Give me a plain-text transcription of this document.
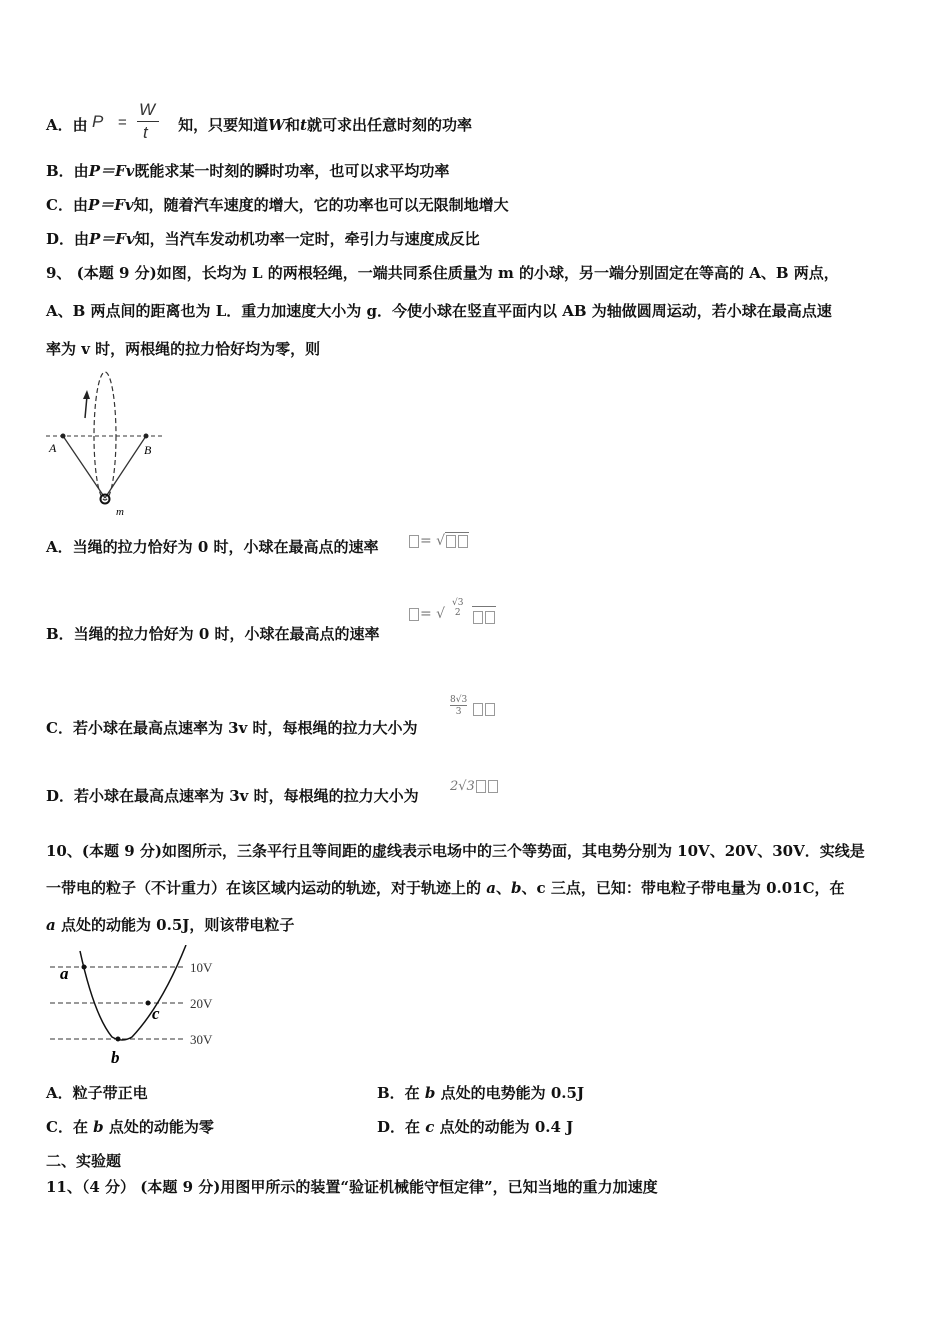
A．由	知，只要知道W和t就可求出任意时刻的功率
P =
W
t
B．由P＝Fv既能求某一时刻的瞬时功率，也可以求平均功率
C．由P＝Fv知，随着汽车速度的增大，它的功率也可以无限制地增大
D．由P＝Fv知，当汽车发动机功率一定时，牵引力与速度成反比
9、 (本题 9 分)如图，长均为 L 的两根轻绳，一端共同系住质量为 m 的小球，另一端分别固定在等高的 A、B 两点，
A、B 两点间的距离也为 L．重力加速度大小为 g．今使小球在竖直平面内以 AB 为轴做圆周运动，若小球在最高点速
率为 v 时，两根绳的拉力恰好均为零，则
A	B
m
A．当绳的拉力恰好为 0 时，小球在最高点的速率	= √
B．当绳的拉力恰好为 0 时，小球在最高点的速率
= √
√3
2
C．若小球在最高点速率为 3v 时，每根绳的拉力大小为
8√3
3
D．若小球在最高点速率为 3v 时，每根绳的拉力大小为
2√3
10、(本题 9 分)如图所示，三条平行且等间距的虚线表示电场中的三个等势面，其电势分别为 10V、20V、30V．实线是
一带电的粒子（不计重力）在该区域内运动的轨迹，对于轨迹上的 a、b、c 三点，已知：带电粒子带电量为 0.01C，在
a 点处的动能为 0.5J，则该带电粒子
a
b
c
10V
20V
30V
A．粒子带正电	B．在 b 点处的电势能为 0.5J
C．在 b 点处的动能为零	D．在 c 点处的动能为 0.4 J
二、实验题
11、（4 分） (本题 9 分)用图甲所示的装置“验证机械能守恒定律”，已知当地的重力加速度
